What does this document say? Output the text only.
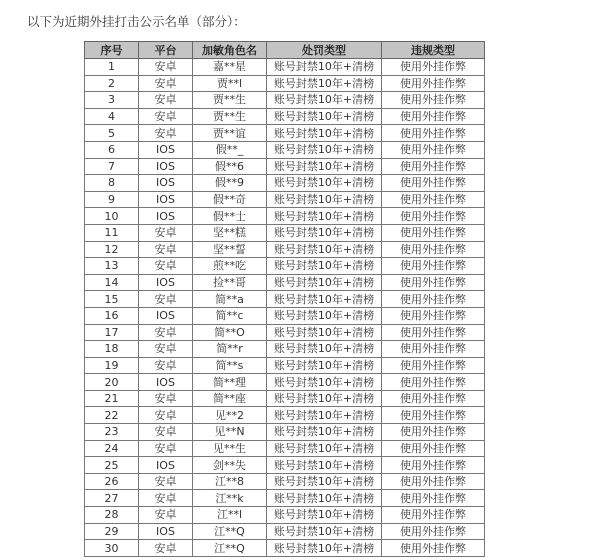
以下为近期外挂打击公示名单（部分）：
序号	平台	加敏角色名	处罚类型	违规类型
1	安卓	嘉**星	账号封禁10年+清榜	使用外挂作弊
2	安卓	贾**l	账号封禁10年+清榜	使用外挂作弊
3	安卓	贾**生	账号封禁10年+清榜	使用外挂作弊
4	安卓	贾**生	账号封禁10年+清榜	使用外挂作弊
5	安卓	贾**谊	账号封禁10年+清榜	使用外挂作弊
6	IOS	假**_	账号封禁10年+清榜	使用外挂作弊
7	IOS	假**6	账号封禁10年+清榜	使用外挂作弊
8	IOS	假**9	账号封禁10年+清榜	使用外挂作弊
9	IOS	假**奇	账号封禁10年+清榜	使用外挂作弊
10	IOS	假**士	账号封禁10年+清榜	使用外挂作弊
11	安卓	坚**糕	账号封禁10年+清榜	使用外挂作弊
12	安卓	坚**誓	账号封禁10年+清榜	使用外挂作弊
13	安卓	煎**吃	账号封禁10年+清榜	使用外挂作弊
14	IOS	捡**哥	账号封禁10年+清榜	使用外挂作弊
15	安卓	简**a	账号封禁10年+清榜	使用外挂作弊
16	IOS	简**c	账号封禁10年+清榜	使用外挂作弊
17	安卓	简**O	账号封禁10年+清榜	使用外挂作弊
18	安卓	简**r	账号封禁10年+清榜	使用外挂作弊
19	安卓	简**s	账号封禁10年+清榜	使用外挂作弊
20	IOS	简**理	账号封禁10年+清榜	使用外挂作弊
21	安卓	简**座	账号封禁10年+清榜	使用外挂作弊
22	安卓	见**2	账号封禁10年+清榜	使用外挂作弊
23	安卓	见**N	账号封禁10年+清榜	使用外挂作弊
24	安卓	见**生	账号封禁10年+清榜	使用外挂作弊
25	IOS	剑**失	账号封禁10年+清榜	使用外挂作弊
26	安卓	江**8	账号封禁10年+清榜	使用外挂作弊
27	安卓	江**k	账号封禁10年+清榜	使用外挂作弊
28	安卓	江**l	账号封禁10年+清榜	使用外挂作弊
29	IOS	江**Q	账号封禁10年+清榜	使用外挂作弊
30	安卓	江**Q	账号封禁10年+清榜	使用外挂作弊
